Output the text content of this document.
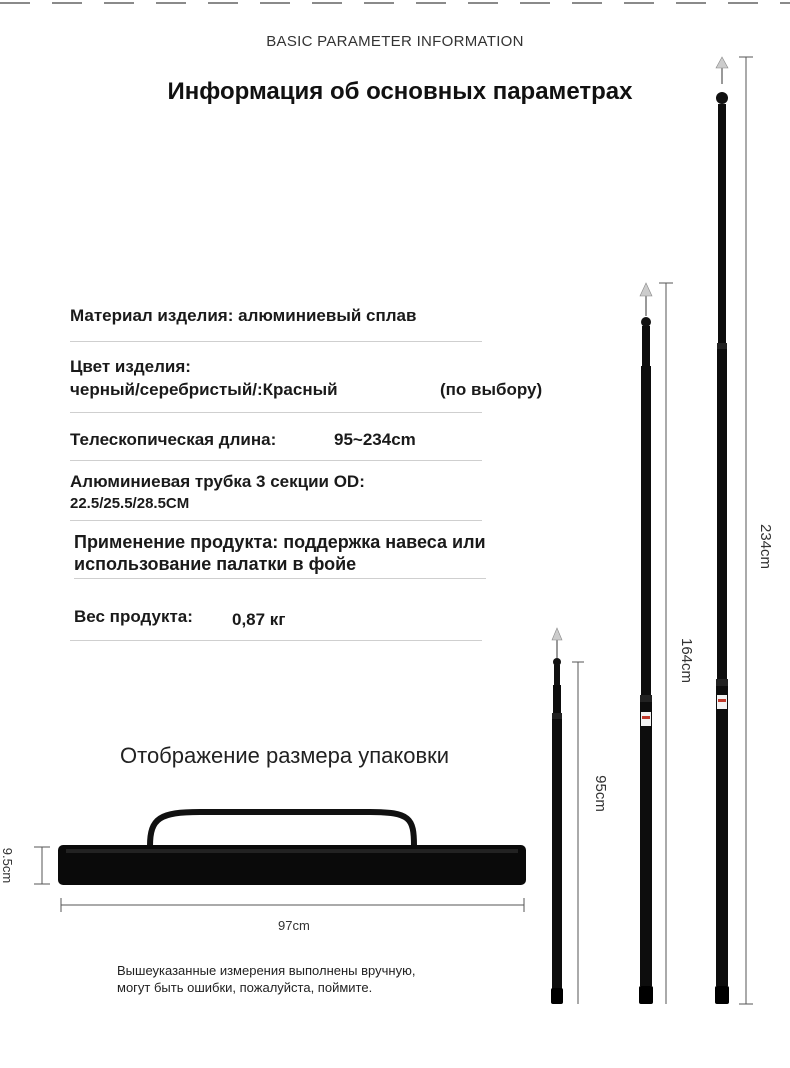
BASIC PARAMETER INFORMATION
Информация об основных параметрах
Материал изделия: алюминиевый сплав
Цвет изделия:
черный/серебристый/:Красный	(по выбору)
Телескопическая длина:	95~234cm
Алюминиевая трубка 3 секции OD:
22.5/25.5/28.5CM
Применение продукта: поддержка навеса или
использование палатки в фойе
Вес продукта: 0,87 кг
Отображение размера упаковки
97cm
9.5cm
95cm
164cm
234cm
Вышеуказанные измерения выполнены вручную,
могут быть ошибки, пожалуйста, поймите.
